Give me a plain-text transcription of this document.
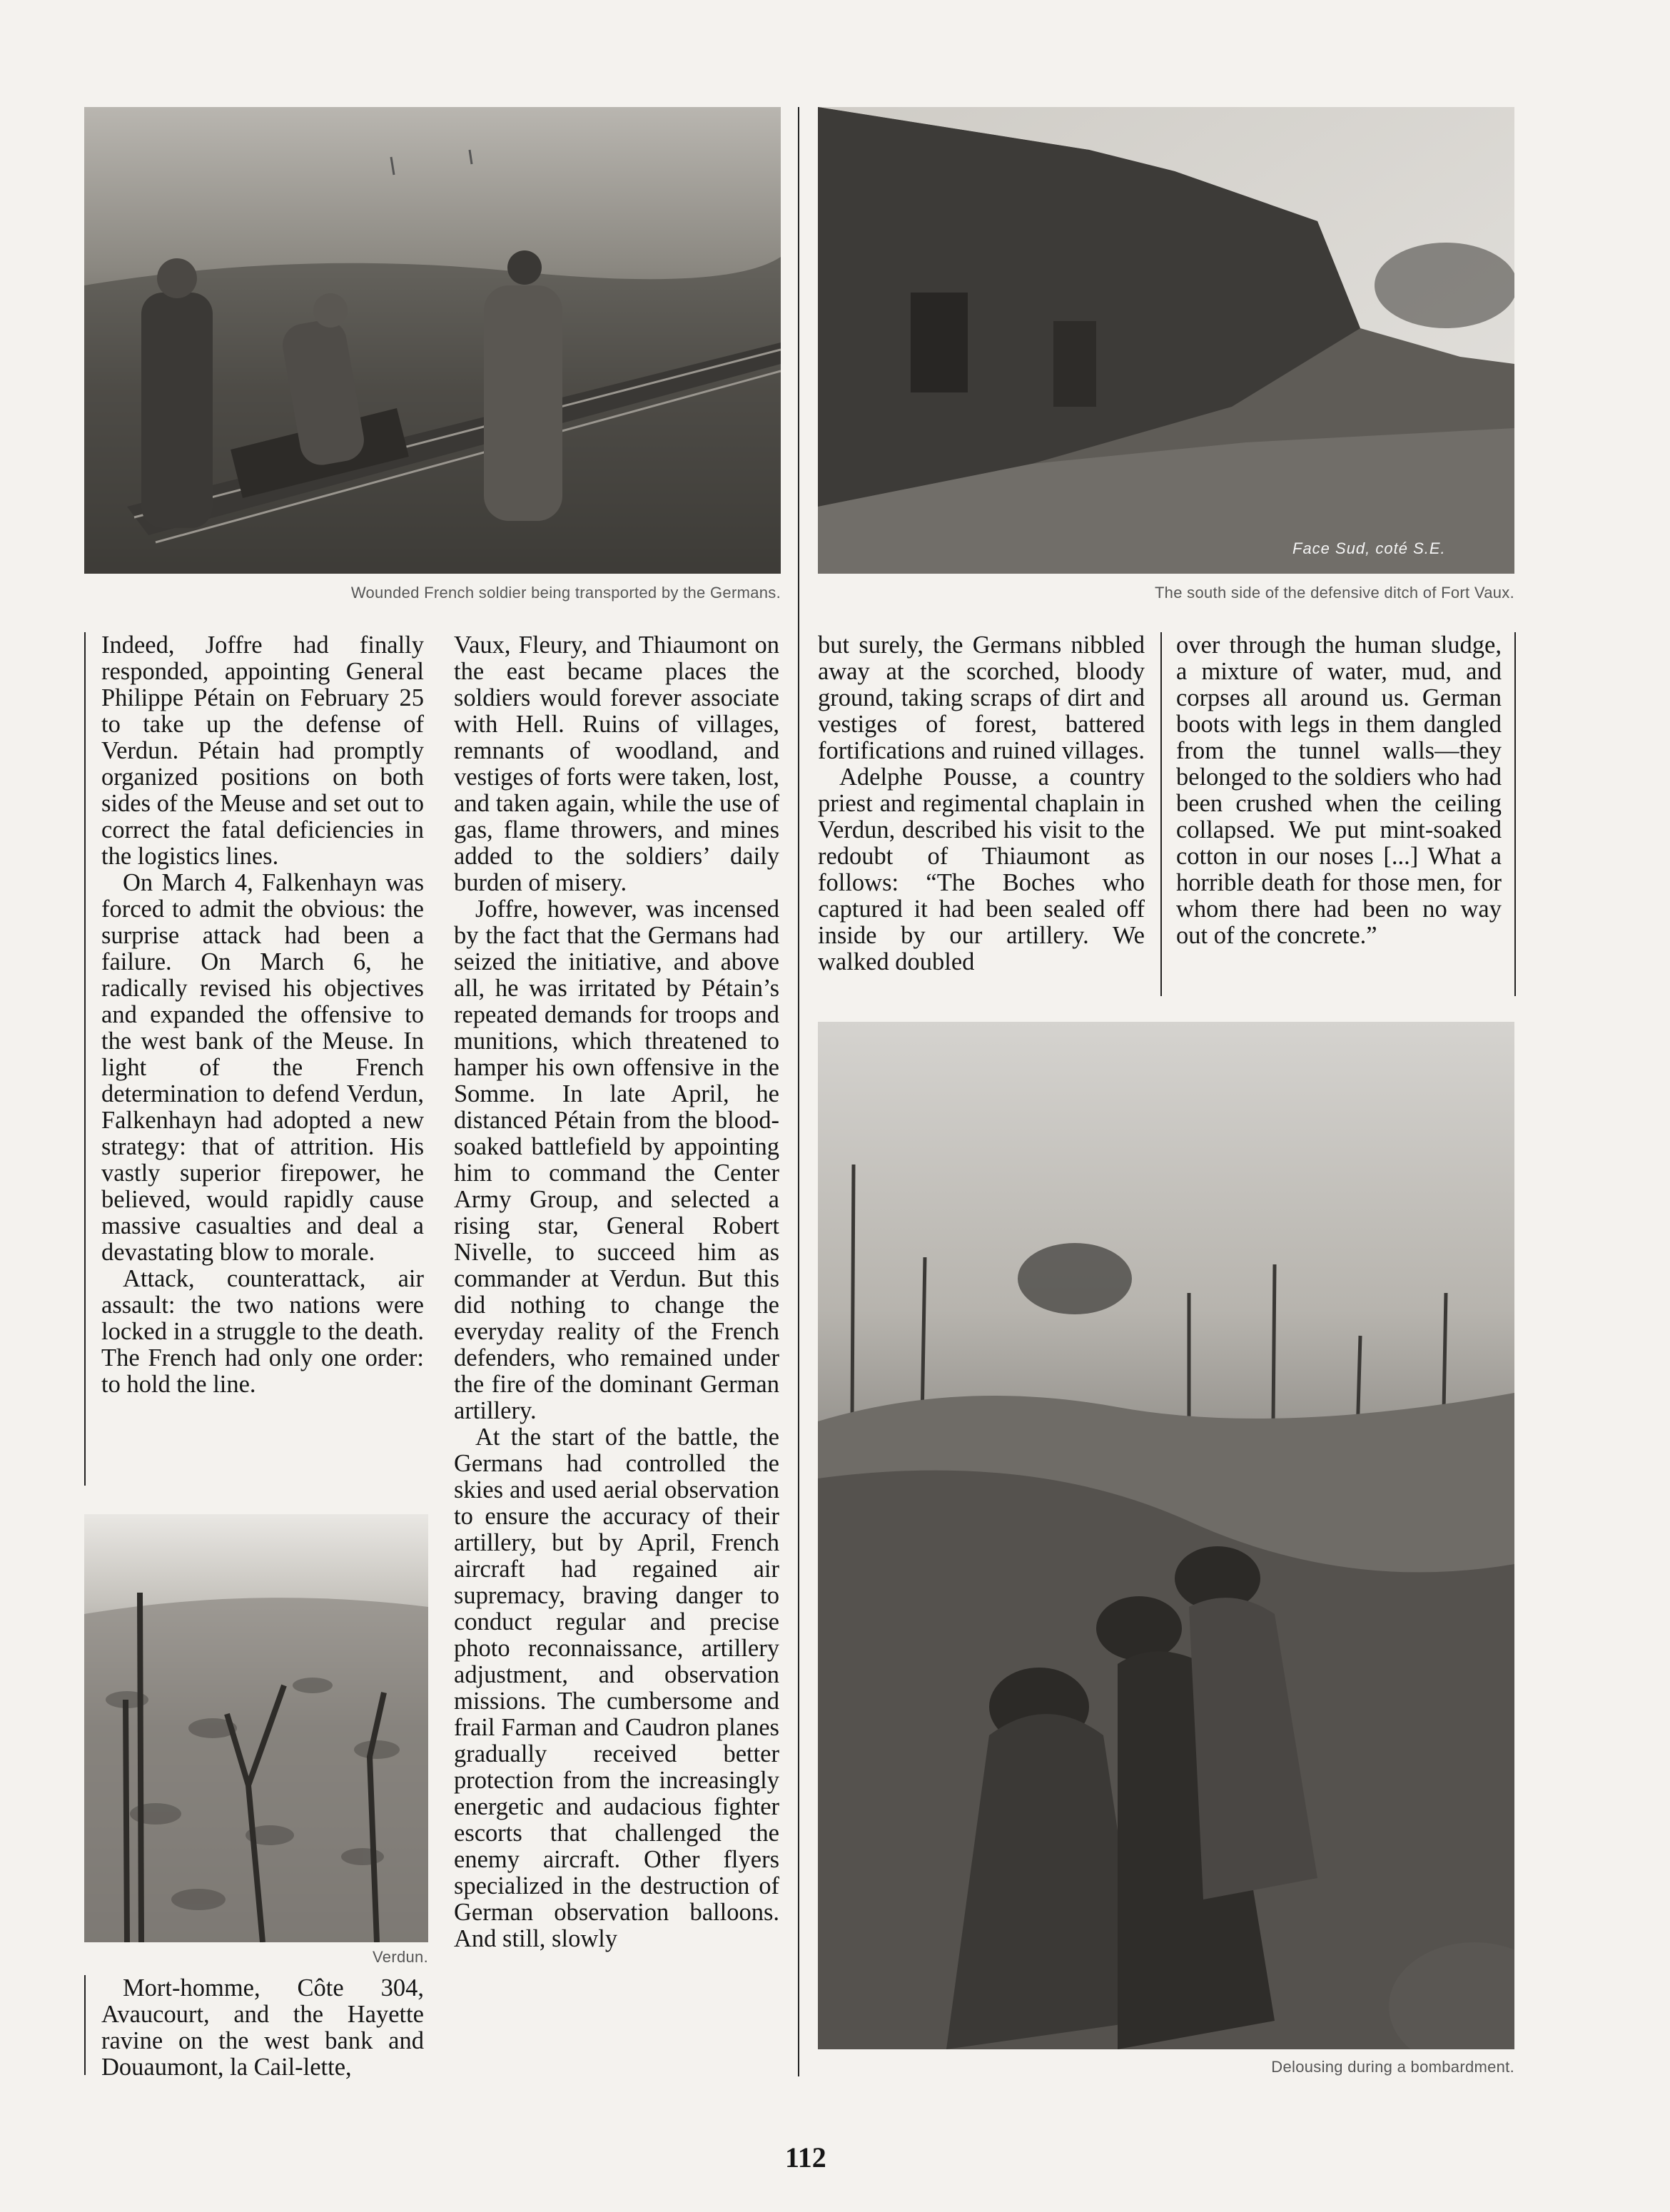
Wounded French soldier being transported by the Germans.
Face Sud, coté S.E.
The south side of the defensive ditch of Fort Vaux.

Indeed, Joffre had finally responded, appointing General Philippe Pétain on February 25 to take up the defense of Verdun. Pétain had promptly organized positions on both sides of the Meuse and set out to correct the fatal deficiencies in the logistics lines.

On March 4, Falkenhayn was forced to admit the obvious: the surprise attack had been a failure. On March 6, he radically revised his objectives and expanded the offensive to the west bank of the Meuse. In light of the French determination to defend Verdun, Falkenhayn had adopted a new strategy: that of attrition. His vastly superior firepower, he believed, would rapidly cause massive casualties and deal a devastating blow to morale.

Attack, counterattack, air assault: the two nations were locked in a struggle to the death. The French had only one order: to hold the line.

Verdun.

Mort-homme, Côte 304, Avaucourt, and the Hayette ravine on the west bank and Douaumont, la Cail-lette,

Vaux, Fleury, and Thiaumont on the east became places the soldiers would forever associate with Hell. Ruins of villages, remnants of woodland, and vestiges of forts were taken, lost, and taken again, while the use of gas, flame throwers, and mines added to the soldiers’ daily burden of misery.

Joffre, however, was incensed by the fact that the Germans had seized the initiative, and above all, he was irritated by Pétain’s repeated demands for troops and munitions, which threatened to hamper his own offensive in the Somme. In late April, he distanced Pétain from the blood-soaked battlefield by appointing him to command the Center Army Group, and selected a rising star, General Robert Nivelle, to succeed him as commander at Verdun. But this did nothing to change the everyday reality of the French defenders, who remained under the fire of the dominant German artillery.

At the start of the battle, the Germans had controlled the skies and used aerial observation to ensure the accuracy of their artillery, but by April, French aircraft had regained air supremacy, braving danger to conduct regular and precise photo reconnaissance, artillery adjustment, and observation missions. The cumbersome and frail Farman and Caudron planes gradually received better protection from the increasingly energetic and audacious fighter escorts that challenged the enemy aircraft. Other flyers specialized in the destruction of German observation balloons. And still, slowly

but surely, the Germans nibbled away at the scorched, bloody ground, taking scraps of dirt and vestiges of forest, battered fortifications and ruined villages.

Adelphe Pousse, a country priest and regimental chaplain in Verdun, described his visit to the redoubt of Thiaumont as follows: “The Boches who captured it had been sealed off inside by our artillery. We walked doubled

over through the human sludge, a mixture of water, mud, and corpses all around us. German boots with legs in them dangled from the tunnel walls—they belonged to the soldiers who had been crushed when the ceiling collapsed. We put mint-soaked cotton in our noses [...] What a horrible death for those men, for whom there had been no way out of the concrete.”

Delousing during a bombardment.
112
